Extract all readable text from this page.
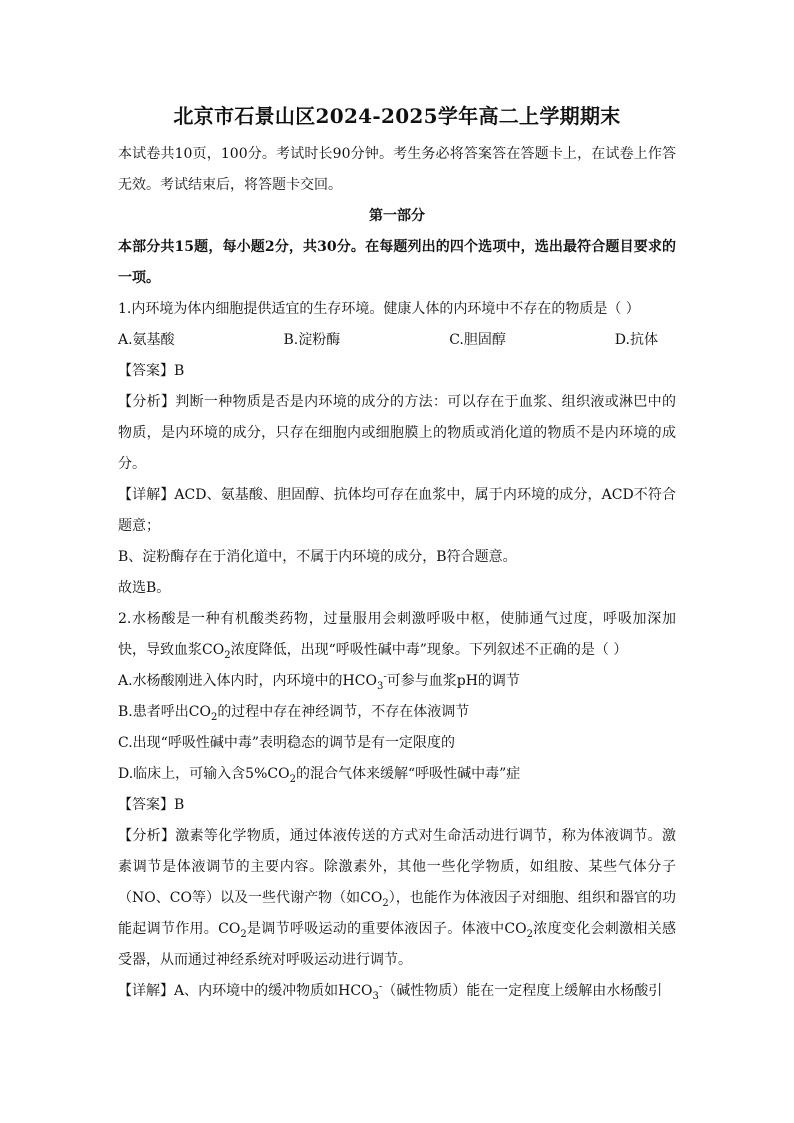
北京市石景山区2024-2025学年高二上学期期末

本试卷共10页，100分。考试时长90分钟。考生务必将答案答在答题卡上，在试卷上作答无效。考试结束后，将答题卡交回。

第一部分

本部分共15题，每小题2分，共30分。在每题列出的四个选项中，选出最符合题目要求的一项。

1.内环境为体内细胞提供适宜的生存环境。健康人体的内环境中不存在的物质是（ ）

A.氨基酸	B.淀粉酶	C.胆固醇	D.抗体

【答案】B

【分析】判断一种物质是否是内环境的成分的方法：可以存在于血浆、组织液或淋巴中的物质，是内环境的成分，只存在细胞内或细胞膜上的物质或消化道的物质不是内环境的成分。

【详解】ACD、氨基酸、胆固醇、抗体均可存在血浆中，属于内环境的成分，ACD不符合题意；

B、淀粉酶存在于消化道中，不属于内环境的成分，B符合题意。

故选B。

2.水杨酸是一种有机酸类药物，过量服用会刺激呼吸中枢，使肺通气过度，呼吸加深加快，导致血浆$CO_2$浓度降低，出现“呼吸性碱中毒”现象。下列叙述不正确的是（ ）

A.水杨酸刚进入体内时，内环境中的$HCO_3^-$可参与血浆pH的调节

B.患者呼出$CO_2$的过程中存在神经调节，不存在体液调节

C.出现“呼吸性碱中毒”表明稳态的调节是有一定限度的

D.临床上，可输入含$5\%CO_2$的混合气体来缓解“呼吸性碱中毒”症

【答案】B

【分析】激素等化学物质，通过体液传送的方式对生命活动进行调节，称为体液调节。激素调节是体液调节的主要内容。除激素外，其他一些化学物质，如组胺、某些气体分子（NO、CO等）以及一些代谢产物（如$CO_2$），也能作为体液因子对细胞、组织和器官的功能起调节作用。$CO_2$是调节呼吸运动的重要体液因子。体液中$CO_2$浓度变化会刺激相关感受器，从而通过神经系统对呼吸运动进行调节。

【详解】A、内环境中的缓冲物质如$HCO_3^-$（碱性物质）能在一定程度上缓解由水杨酸引
